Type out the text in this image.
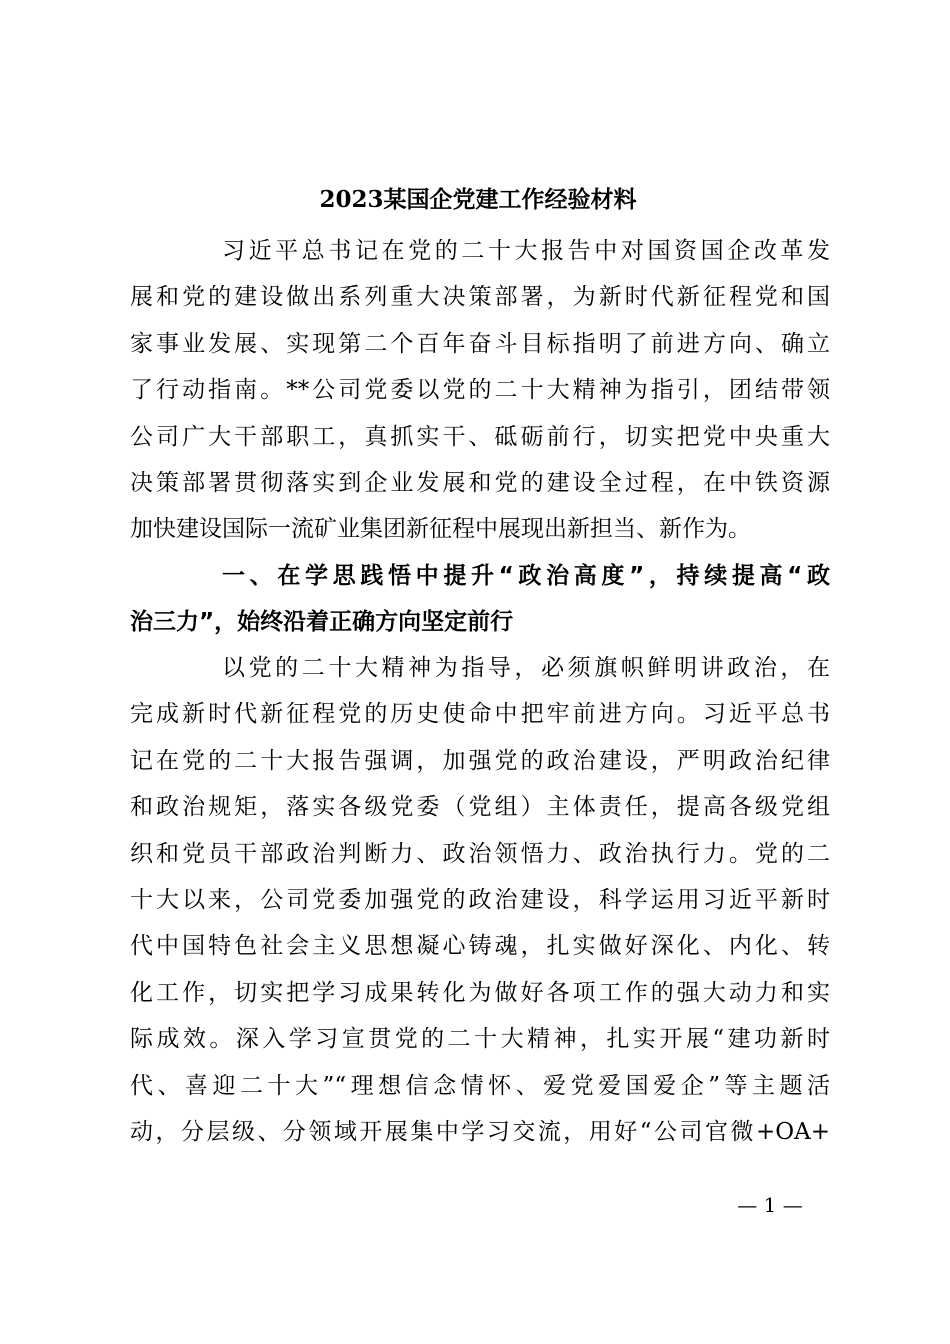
2023某国企党建工作经验材料
习近平总书记在党的二十大报告中对国资国企改革发
展和党的建设做出系列重大决策部署，为新时代新征程党和国
家事业发展、实现第二个百年奋斗目标指明了前进方向、确立
了行动指南。**公司党委以党的二十大精神为指引，团结带领
公司广大干部职工，真抓实干、砥砺前行，切实把党中央重大
决策部署贯彻落实到企业发展和党的建设全过程，在中铁资源
加快建设国际一流矿业集团新征程中展现出新担当、新作为。
一、在学思践悟中提升“政治高度”，持续提高“政
治三力”，始终沿着正确方向坚定前行
以党的二十大精神为指导，必须旗帜鲜明讲政治，在
完成新时代新征程党的历史使命中把牢前进方向。习近平总书
记在党的二十大报告强调，加强党的政治建设，严明政治纪律
和政治规矩，落实各级党委（党组）主体责任，提高各级党组
织和党员干部政治判断力、政治领悟力、政治执行力。党的二
十大以来，公司党委加强党的政治建设，科学运用习近平新时
代中国特色社会主义思想凝心铸魂，扎实做好深化、内化、转
化工作，切实把学习成果转化为做好各项工作的强大动力和实
际成效。深入学习宣贯党的二十大精神，扎实开展“建功新时
代、喜迎二十大”“理想信念情怀、爱党爱国爱企”等主题活
动，分层级、分领域开展集中学习交流，用好“公司官微+OA+
— 1 —
